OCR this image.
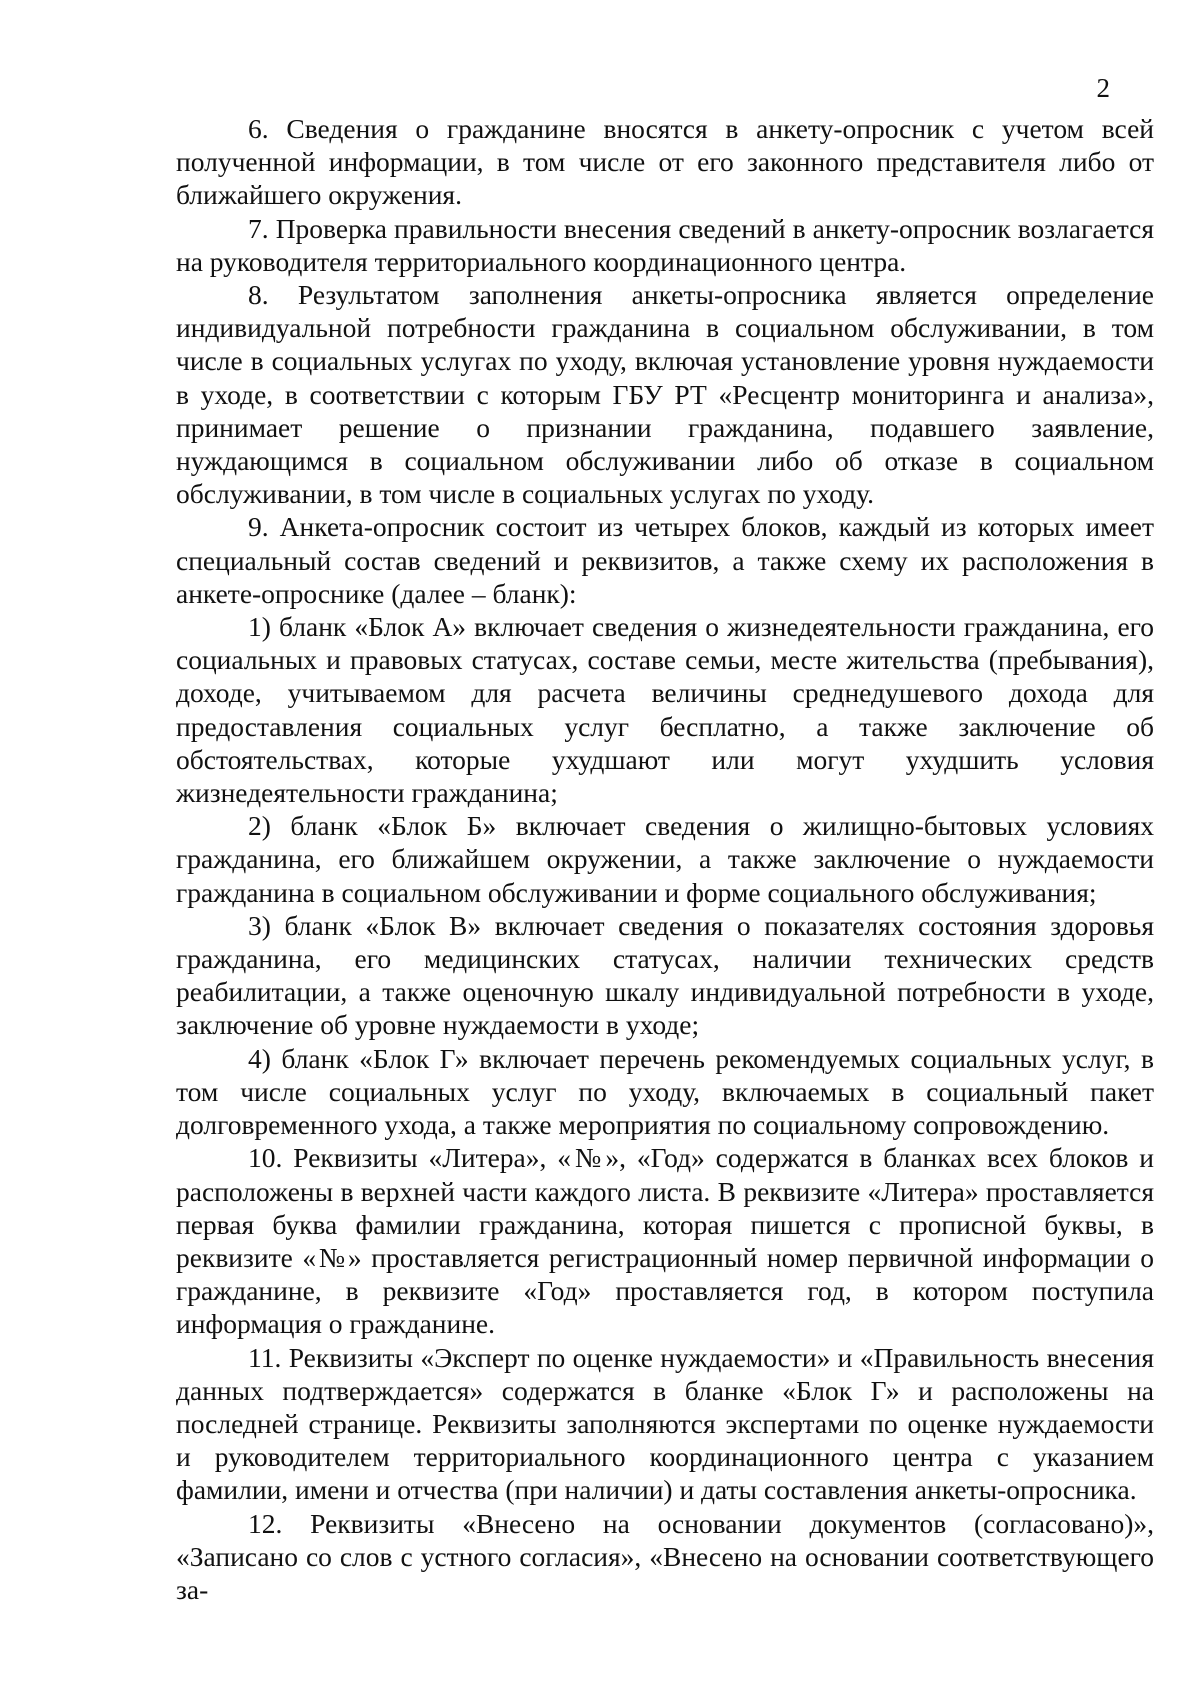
2

6. Сведения о гражданине вносятся в анкету-опросник с учетом всей полученной информации, в том числе от его законного представителя либо от ближайшего окружения.

7. Проверка правильности внесения сведений в анкету-опросник возлагается на руководителя территориального координационного центра.

8. Результатом заполнения анкеты-опросника является определение индивидуальной потребности гражданина в социальном обслуживании, в том числе в социальных услугах по уходу, включая установление уровня нуждаемости в уходе, в соответствии с которым ГБУ РТ «Ресцентр мониторинга и анализа», принимает решение о признании гражданина, подавшего заявление, нуждающимся в социальном обслуживании либо об отказе в социальном обслуживании, в том числе в социальных услугах по уходу.

9. Анкета-опросник состоит из четырех блоков, каждый из которых имеет специальный состав сведений и реквизитов, а также схему их расположения в анкете-опроснике (далее – бланк):

1) бланк «Блок А» включает сведения о жизнедеятельности гражданина, его социальных и правовых статусах, составе семьи, месте жительства (пребывания), доходе, учитываемом для расчета величины среднедушевого дохода для предоставления социальных услуг бесплатно, а также заключение об обстоятельствах, которые ухудшают или могут ухудшить условия жизнедеятельности гражданина;

2) бланк «Блок Б» включает сведения о жилищно-бытовых условиях гражданина, его ближайшем окружении, а также заключение о нуждаемости гражданина в социальном обслуживании и форме социального обслуживания;

3) бланк «Блок В» включает сведения о показателях состояния здоровья гражданина, его медицинских статусах, наличии технических средств реабилитации, а также оценочную шкалу индивидуальной потребности в уходе, заключение об уровне нуждаемости в уходе;

4) бланк «Блок Г» включает перечень рекомендуемых социальных услуг, в том числе социальных услуг по уходу, включаемых в социальный пакет долговременного ухода, а также мероприятия по социальному сопровождению.

10. Реквизиты «Литера», «№», «Год» содержатся в бланках всех блоков и расположены в верхней части каждого листа. В реквизите «Литера» проставляется первая буква фамилии гражданина, которая пишется с прописной буквы, в реквизите «№» проставляется регистрационный номер первичной информации о гражданине, в реквизите «Год» проставляется год, в котором поступила информация о гражданине.

11. Реквизиты «Эксперт по оценке нуждаемости» и «Правильность внесения данных подтверждается» содержатся в бланке «Блок Г» и расположены на последней странице. Реквизиты заполняются экспертами по оценке нуждаемости и руководителем территориального координационного центра с указанием фамилии, имени и отчества (при наличии) и даты составления анкеты-опросника.

12. Реквизиты «Внесено на основании документов (согласовано)», «Записано со слов с устного согласия», «Внесено на основании соответствующего за-
